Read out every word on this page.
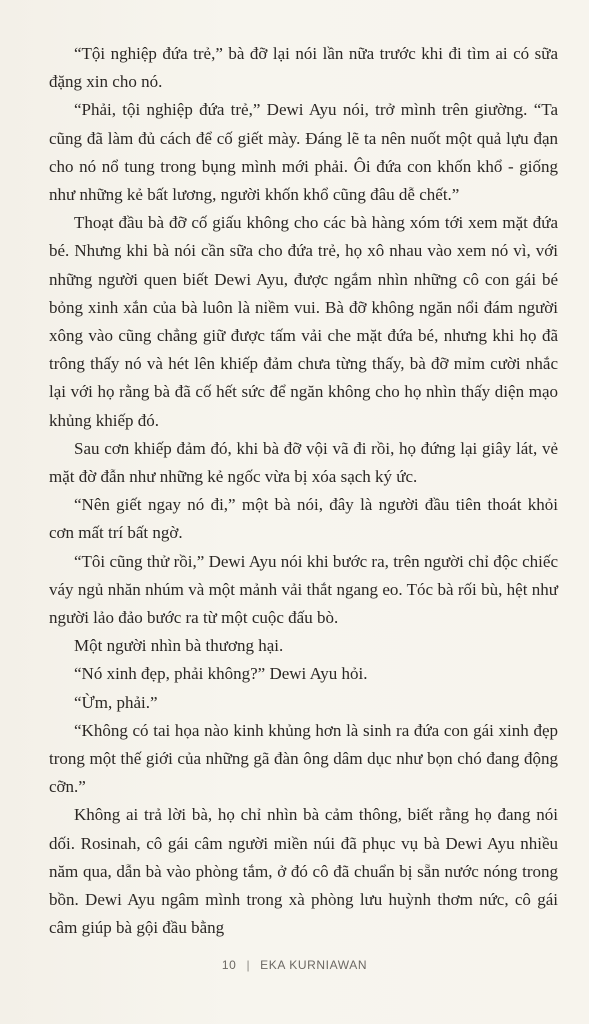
“Tội nghiệp đứa trẻ,” bà đỡ lại nói lần nữa trước khi đi tìm ai có sữa đặng xin cho nó.

“Phải, tội nghiệp đứa trẻ,” Dewi Ayu nói, trở mình trên giường. “Ta cũng đã làm đủ cách để cố giết mày. Đáng lẽ ta nên nuốt một quả lựu đạn cho nó nổ tung trong bụng mình mới phải. Ôi đứa con khốn khổ - giống như những kẻ bất lương, người khốn khổ cũng đâu dễ chết.”

Thoạt đầu bà đỡ cố giấu không cho các bà hàng xóm tới xem mặt đứa bé. Nhưng khi bà nói cần sữa cho đứa trẻ, họ xô nhau vào xem nó vì, với những người quen biết Dewi Ayu, được ngắm nhìn những cô con gái bé bỏng xinh xắn của bà luôn là niềm vui. Bà đỡ không ngăn nổi đám người xông vào cũng chẳng giữ được tấm vải che mặt đứa bé, nhưng khi họ đã trông thấy nó và hét lên khiếp đảm chưa từng thấy, bà đỡ mỉm cười nhắc lại với họ rằng bà đã cố hết sức để ngăn không cho họ nhìn thấy diện mạo khủng khiếp đó.

Sau cơn khiếp đảm đó, khi bà đỡ vội vã đi rồi, họ đứng lại giây lát, vẻ mặt đờ đẫn như những kẻ ngốc vừa bị xóa sạch ký ức.

“Nên giết ngay nó đi,” một bà nói, đây là người đầu tiên thoát khỏi cơn mất trí bất ngờ.

“Tôi cũng thử rồi,” Dewi Ayu nói khi bước ra, trên người chỉ độc chiếc váy ngủ nhăn nhúm và một mảnh vải thắt ngang eo. Tóc bà rối bù, hệt như người lảo đảo bước ra từ một cuộc đấu bò.

Một người nhìn bà thương hại.

“Nó xinh đẹp, phải không?” Dewi Ayu hỏi.

“Ừm, phải.”

“Không có tai họa nào kinh khủng hơn là sinh ra đứa con gái xinh đẹp trong một thế giới của những gã đàn ông dâm dục như bọn chó đang động cỡn.”

Không ai trả lời bà, họ chỉ nhìn bà cảm thông, biết rằng họ đang nói dối. Rosinah, cô gái câm người miền núi đã phục vụ bà Dewi Ayu nhiều năm qua, dẫn bà vào phòng tắm, ở đó cô đã chuẩn bị sẵn nước nóng trong bồn. Dewi Ayu ngâm mình trong xà phòng lưu huỳnh thơm nức, cô gái câm giúp bà gội đầu bằng

10 | EKA KURNIAWAN
